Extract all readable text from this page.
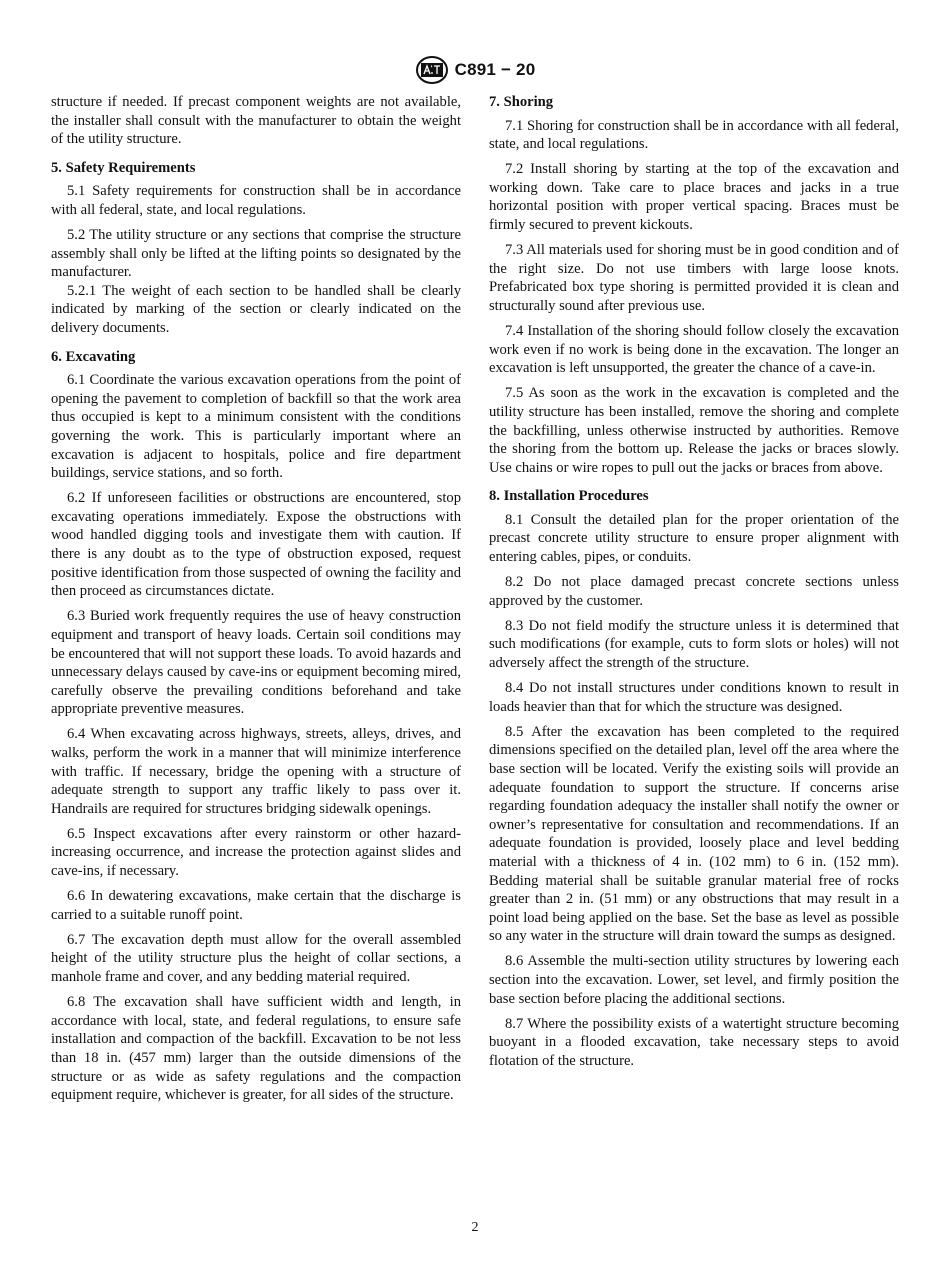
C891 − 20

structure if needed. If precast component weights are not available, the installer shall consult with the manufacturer to obtain the weight of the utility structure.

5. Safety Requirements

5.1 Safety requirements for construction shall be in accordance with all federal, state, and local regulations.

5.2 The utility structure or any sections that comprise the structure assembly shall only be lifted at the lifting points so designated by the manufacturer.

5.2.1 The weight of each section to be handled shall be clearly indicated by marking of the section or clearly indicated on the delivery documents.

6. Excavating

6.1 Coordinate the various excavation operations from the point of opening the pavement to completion of backfill so that the work area thus occupied is kept to a minimum consistent with the conditions governing the work. This is particularly important where an excavation is adjacent to hospitals, police and fire department buildings, service stations, and so forth.

6.2 If unforeseen facilities or obstructions are encountered, stop excavating operations immediately. Expose the obstructions with wood handled digging tools and investigate them with caution. If there is any doubt as to the type of obstruction exposed, request positive identification from those suspected of owning the facility and then proceed as circumstances dictate.

6.3 Buried work frequently requires the use of heavy construction equipment and transport of heavy loads. Certain soil conditions may be encountered that will not support these loads. To avoid hazards and unnecessary delays caused by cave-ins or equipment becoming mired, carefully observe the prevailing conditions beforehand and take appropriate preventive measures.

6.4 When excavating across highways, streets, alleys, drives, and walks, perform the work in a manner that will minimize interference with traffic. If necessary, bridge the opening with a structure of adequate strength to support any traffic likely to pass over it. Handrails are required for structures bridging sidewalk openings.

6.5 Inspect excavations after every rainstorm or other hazard-increasing occurrence, and increase the protection against slides and cave-ins, if necessary.

6.6 In dewatering excavations, make certain that the discharge is carried to a suitable runoff point.

6.7 The excavation depth must allow for the overall assembled height of the utility structure plus the height of collar sections, a manhole frame and cover, and any bedding material required.

6.8 The excavation shall have sufficient width and length, in accordance with local, state, and federal regulations, to ensure safe installation and compaction of the backfill. Excavation to be not less than 18 in. (457 mm) larger than the outside dimensions of the structure or as wide as safety regulations and the compaction equipment require, whichever is greater, for all sides of the structure.

7. Shoring

7.1 Shoring for construction shall be in accordance with all federal, state, and local regulations.

7.2 Install shoring by starting at the top of the excavation and working down. Take care to place braces and jacks in a true horizontal position with proper vertical spacing. Braces must be firmly secured to prevent kickouts.

7.3 All materials used for shoring must be in good condition and of the right size. Do not use timbers with large loose knots. Prefabricated box type shoring is permitted provided it is clean and structurally sound after previous use.

7.4 Installation of the shoring should follow closely the excavation work even if no work is being done in the excavation. The longer an excavation is left unsupported, the greater the chance of a cave-in.

7.5 As soon as the work in the excavation is completed and the utility structure has been installed, remove the shoring and complete the backfilling, unless otherwise instructed by authorities. Remove the shoring from the bottom up. Release the jacks or braces slowly. Use chains or wire ropes to pull out the jacks or braces from above.

8. Installation Procedures

8.1 Consult the detailed plan for the proper orientation of the precast concrete utility structure to ensure proper alignment with entering cables, pipes, or conduits.

8.2 Do not place damaged precast concrete sections unless approved by the customer.

8.3 Do not field modify the structure unless it is determined that such modifications (for example, cuts to form slots or holes) will not adversely affect the strength of the structure.

8.4 Do not install structures under conditions known to result in loads heavier than that for which the structure was designed.

8.5 After the excavation has been completed to the required dimensions specified on the detailed plan, level off the area where the base section will be located. Verify the existing soils will provide an adequate foundation to support the structure. If concerns arise regarding foundation adequacy the installer shall notify the owner or owner’s representative for consultation and recommendations. If an adequate foundation is provided, loosely place and level bedding material with a thickness of 4 in. (102 mm) to 6 in. (152 mm). Bedding material shall be suitable granular material free of rocks greater than 2 in. (51 mm) or any obstructions that may result in a point load being applied on the base. Set the base as level as possible so any water in the structure will drain toward the sumps as designed.

8.6 Assemble the multi-section utility structures by lowering each section into the excavation. Lower, set level, and firmly position the base section before placing the additional sections.

8.7 Where the possibility exists of a watertight structure becoming buoyant in a flooded excavation, take necessary steps to avoid flotation of the structure.

2
